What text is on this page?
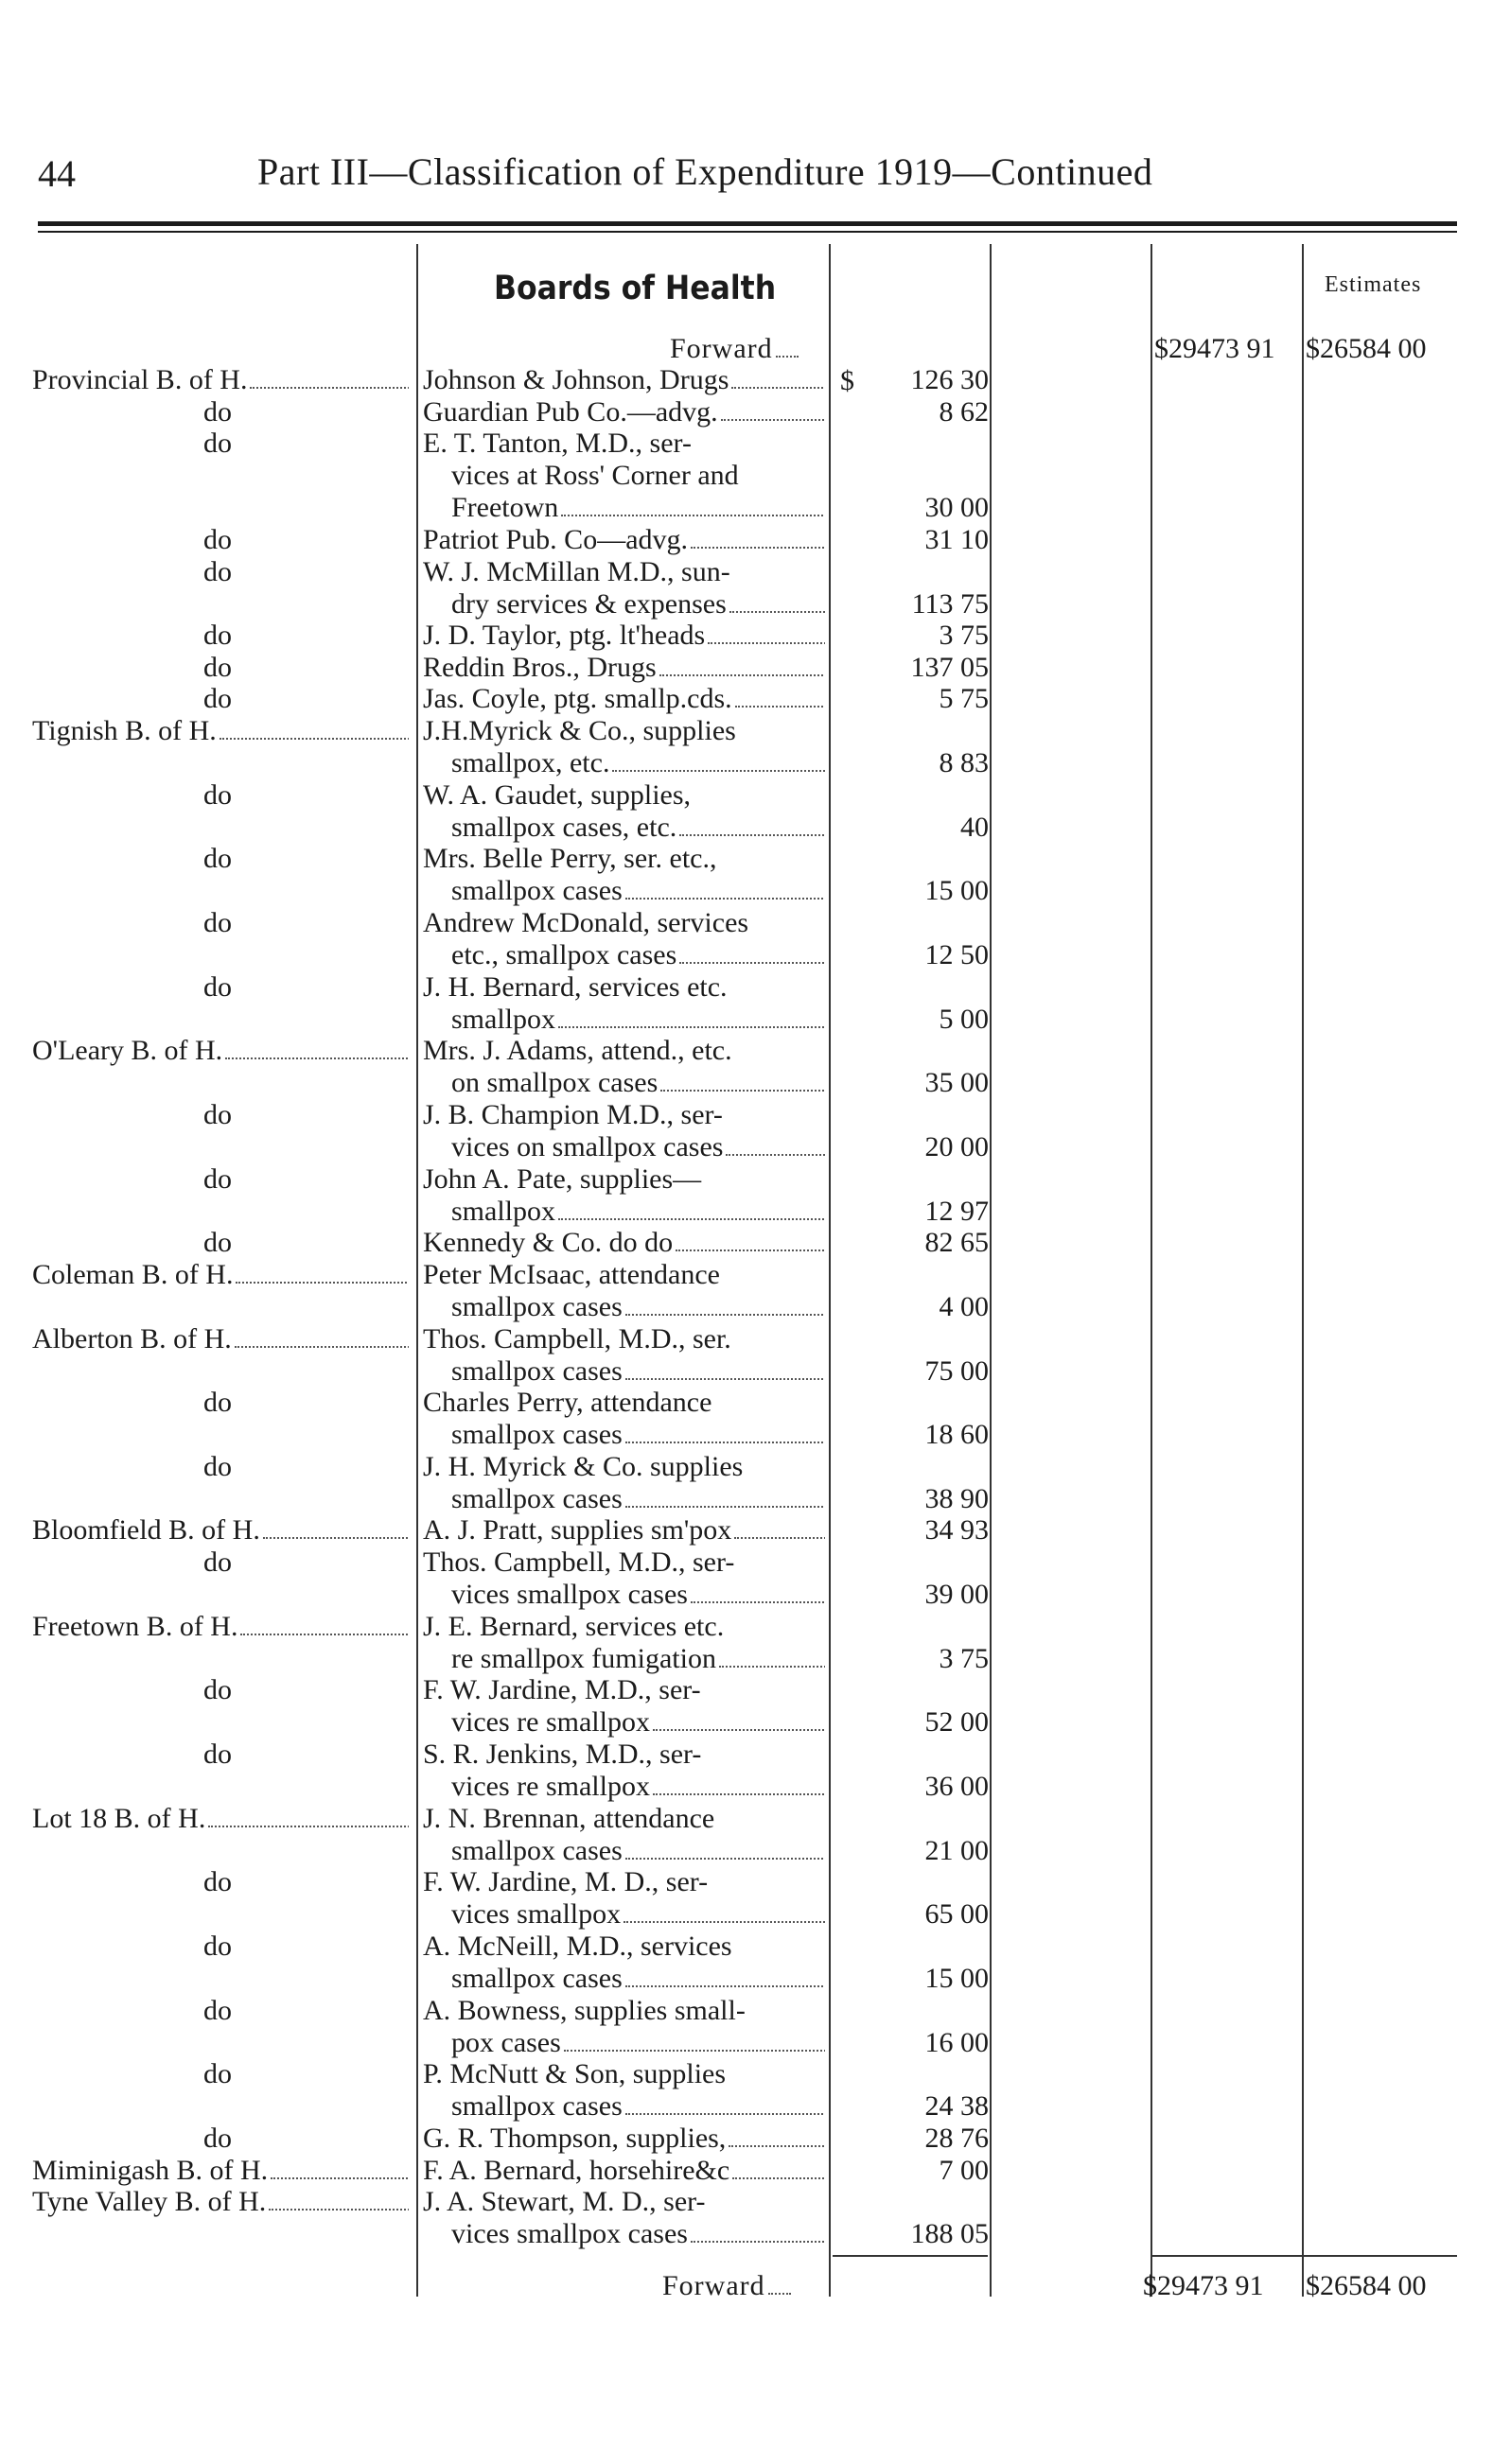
44	Part III—Classification of Expenditure 1919—Continued
Boards of Health	Estimates
Forward	$29473 91 $26584 00
$
Provincial B. of H.	Johnson & Johnson, Drugs	126 30
do	Guardian Pub Co.—advg.	8 62
do	E. T. Tanton, M.D., ser-
vices at Ross' Corner and
Freetown	30 00
do	Patriot Pub. Co—advg.	31 10
do	W. J. McMillan M.D., sun-
dry services & expenses	113 75
do	J. D. Taylor, ptg. lt'heads	3 75
do	Reddin Bros., Drugs	137 05
do	Jas. Coyle, ptg. smallp.cds.	5 75
Tignish B. of H.	J.H.Myrick & Co., supplies
smallpox, etc.	8 83
do	W. A. Gaudet, supplies,
smallpox cases, etc.	40
do	Mrs. Belle Perry, ser. etc.,
smallpox cases	15 00
do	Andrew McDonald, services
etc., smallpox cases	12 50
do	J. H. Bernard, services etc.
smallpox	5 00
O'Leary B. of H.	Mrs. J. Adams, attend., etc.
on smallpox cases	35 00
do	J. B. Champion M.D., ser-
vices on smallpox cases	20 00
do	John A. Pate, supplies—
smallpox	12 97
do	Kennedy & Co. do do	82 65
Coleman B. of H.	Peter McIsaac, attendance
smallpox cases	4 00
Alberton B. of H.	Thos. Campbell, M.D., ser.
smallpox cases	75 00
do	Charles Perry, attendance
smallpox cases	18 60
do	J. H. Myrick & Co. supplies
smallpox cases	38 90
Bloomfield B. of H.	A. J. Pratt, supplies sm'pox	34 93
do	Thos. Campbell, M.D., ser-
vices smallpox cases	39 00
Freetown B. of H.	J. E. Bernard, services etc.
re smallpox fumigation	3 75
do	F. W. Jardine, M.D., ser-
vices re smallpox	52 00
do	S. R. Jenkins, M.D., ser-
vices re smallpox	36 00
Lot 18 B. of H.	J. N. Brennan, attendance
smallpox cases	21 00
do	F. W. Jardine, M. D., ser-
vices smallpox	65 00
do	A. McNeill, M.D., services
smallpox cases	15 00
do	A. Bowness, supplies small-
pox cases	16 00
do	P. McNutt & Son, supplies
smallpox cases	24 38
do	G. R. Thompson, supplies,	28 76
Miminigash B. of H.	F. A. Bernard, horsehire&c	7 00
Tyne Valley B. of H.	J. A. Stewart, M. D., ser-
vices smallpox cases	188 05
Forward	$29473 91 $26584 00
